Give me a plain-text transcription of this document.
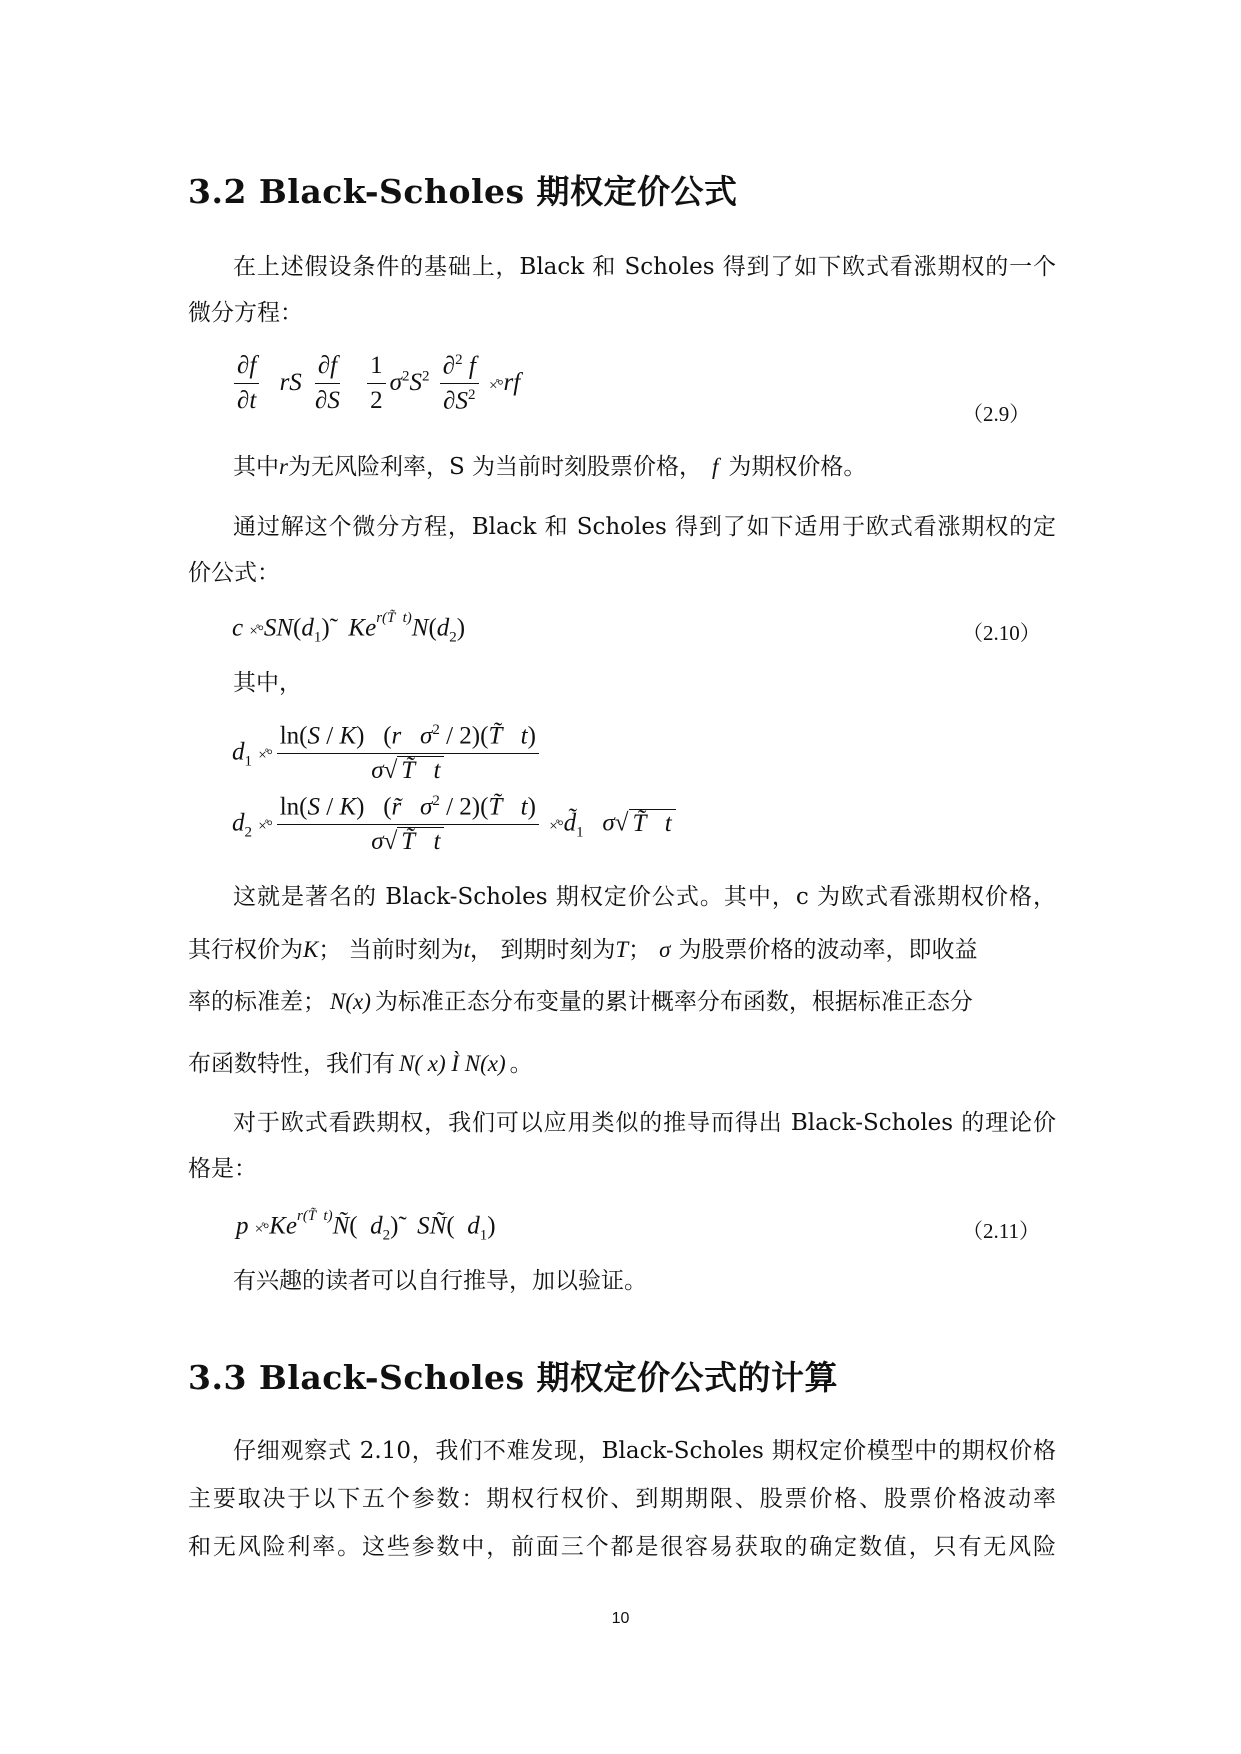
3.2 Black-Scholes 期权定价公式

在上述假设条件的基础上，Black 和 Scholes 得到了如下欧式看涨期权的一个

微分方程：

$\frac{\partial f}{\partial t}$ rS $\frac{\partial f}{\partial S}$
$\frac{1}{2} \sigma^2S^2 \frac{\partial^2 f}{\partial S^2}$ ×̊°rf
（2.9）

其中r为无风险利率，S 为当前时刻股票价格， f 为期权价格。

通过解这个微分方程，Black 和 Scholes 得到了如下适用于欧式看涨期权的定

价公式：

$c \times̊^\circ SN(d_1)̃$   $Ke^{r(T̃ t)}N(d_2)$	（2.10）

其中，

$d_1$ ×̊° $\frac{\ln(S / K) (r \sigma^2 / 2)(T̃ t)}{\sigma√ T̃ t}$
$d_2$ ×̊° $\frac{\ln(S / K) (r̃ \sigma^2 / 2)(T̃ t)}{\sigma√ T̃ t}$ $\times̊^\circ d̃_1$   σ√ T̃   t

这就是著名的 Black-Scholes 期权定价公式。其中，c 为欧式看涨期权价格，

其行权价为K； 当前时刻为t， 到期时刻为T； σ 为股票价格的波动率，即收益

率的标准差； N(x) 为标准正态分布变量的累计概率分布函数，根据标准正态分

布函数特性，我们有 N( x) Ì N(x) 。

对于欧式看跌期权，我们可以应用类似的推导而得出 Black-Scholes 的理论价

格是：

$p \times̊^\circ Ke^{r(T̃ t)}Ñ$(  $d_2)̃$   SÑ(  $d_1$)	（2.11）

有兴趣的读者可以自行推导，加以验证。

3.3 Black-Scholes 期权定价公式的计算

仔细观察式 2.10，我们不难发现，Black-Scholes 期权定价模型中的期权价格

主要取决于以下五个参数：期权行权价、到期期限、股票价格、股票价格波动率

和无风险利率。这些参数中，前面三个都是很容易获取的确定数值，只有无风险

10
